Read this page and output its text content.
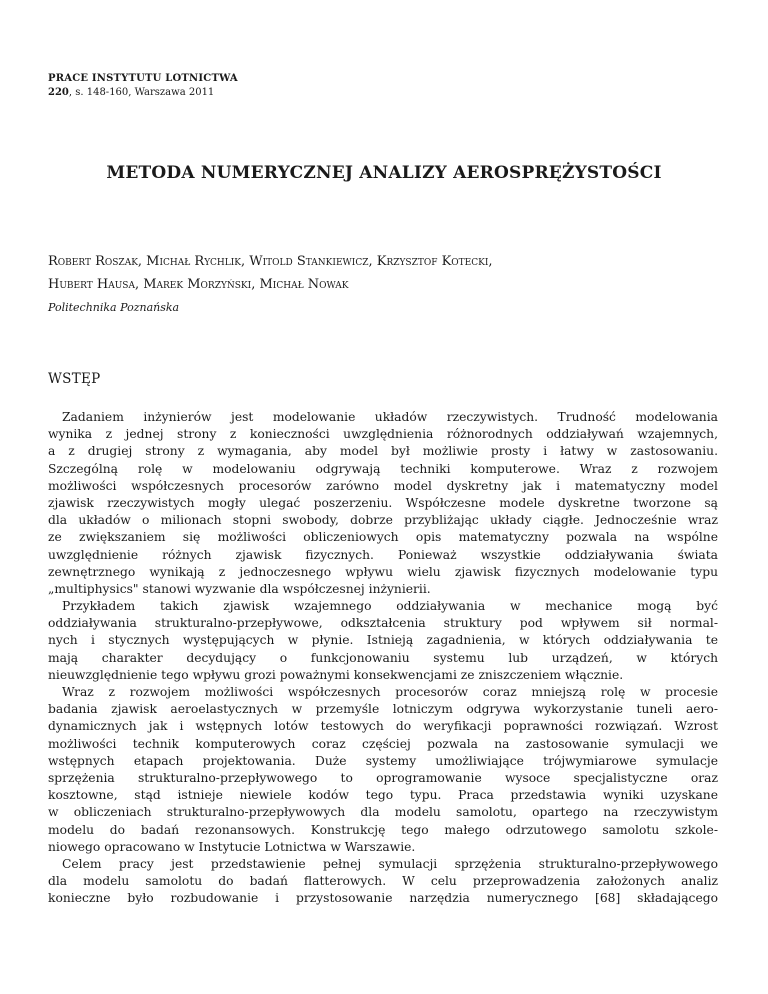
PRACE INSTYTUTU LOTNICTWA
220, s. 148-160, Warszawa 2011
METODA NUMERYCZNEJ ANALIZY AEROSPRĘŻYSTOŚCI
Robert Roszak, Michał Rychlik, Witold Stankiewicz, Krzysztof Kotecki,
Hubert Hausa, Marek Morzyński, Michał Nowak
Politechnika Poznańska
WSTĘP
Zadaniem inżynierów jest modelowanie układów rzeczywistych. Trudność modelowania
wynika z jednej strony z konieczności uwzględnienia różnorodnych oddziaływań wzajemnych,
a z drugiej strony z wymagania, aby model był możliwie prosty i łatwy w zastosowaniu.
Szczególną rolę w modelowaniu odgrywają techniki komputerowe. Wraz z rozwojem
możliwości współczesnych procesorów zarówno model dyskretny jak i matematyczny model
zjawisk rzeczywistych mogły ulegać poszerzeniu. Współczesne modele dyskretne tworzone są
dla układów o milionach stopni swobody, dobrze przybliżając układy ciągłe. Jednocześnie wraz
ze zwiększaniem się możliwości obliczeniowych opis matematyczny pozwala na wspólne
uwzględnienie różnych zjawisk fizycznych. Ponieważ wszystkie oddziaływania świata
zewnętrznego wynikają z jednoczesnego wpływu wielu zjawisk fizycznych modelowanie typu
„multiphysics" stanowi wyzwanie dla współczesnej inżynierii.
Przykładem takich zjawisk wzajemnego oddziaływania w mechanice mogą być
oddziaływania strukturalno-przepływowe, odkształcenia struktury pod wpływem sił normal-
nych i stycznych występujących w płynie. Istnieją zagadnienia, w których oddziaływania te
mają charakter decydujący o funkcjonowaniu systemu lub urządzeń, w których
nieuwzględnienie tego wpływu grozi poważnymi konsekwencjami ze zniszczeniem włącznie.
Wraz z rozwojem możliwości współczesnych procesorów coraz mniejszą rolę w procesie
badania zjawisk aeroelastycznych w przemyśle lotniczym odgrywa wykorzystanie tuneli aero-
dynamicznych jak i wstępnych lotów testowych do weryfikacji poprawności rozwiązań. Wzrost
możliwości technik komputerowych coraz częściej pozwala na zastosowanie symulacji we
wstępnych etapach projektowania. Duże systemy umożliwiające trójwymiarowe symulacje
sprzężenia strukturalno-przepływowego to oprogramowanie wysoce specjalistyczne oraz
kosztowne, stąd istnieje niewiele kodów tego typu. Praca przedstawia wyniki uzyskane
w obliczeniach strukturalno-przepływowych dla modelu samolotu, opartego na rzeczywistym
modelu do badań rezonansowych. Konstrukcję tego małego odrzutowego samolotu szkole-
niowego opracowano w Instytucie Lotnictwa w Warszawie.
Celem pracy jest przedstawienie pełnej symulacji sprzężenia strukturalno-przepływowego
dla modelu samolotu do badań flatterowych. W celu przeprowadzenia założonych analiz
konieczne było rozbudowanie i przystosowanie narzędzia numerycznego [68] składającego
